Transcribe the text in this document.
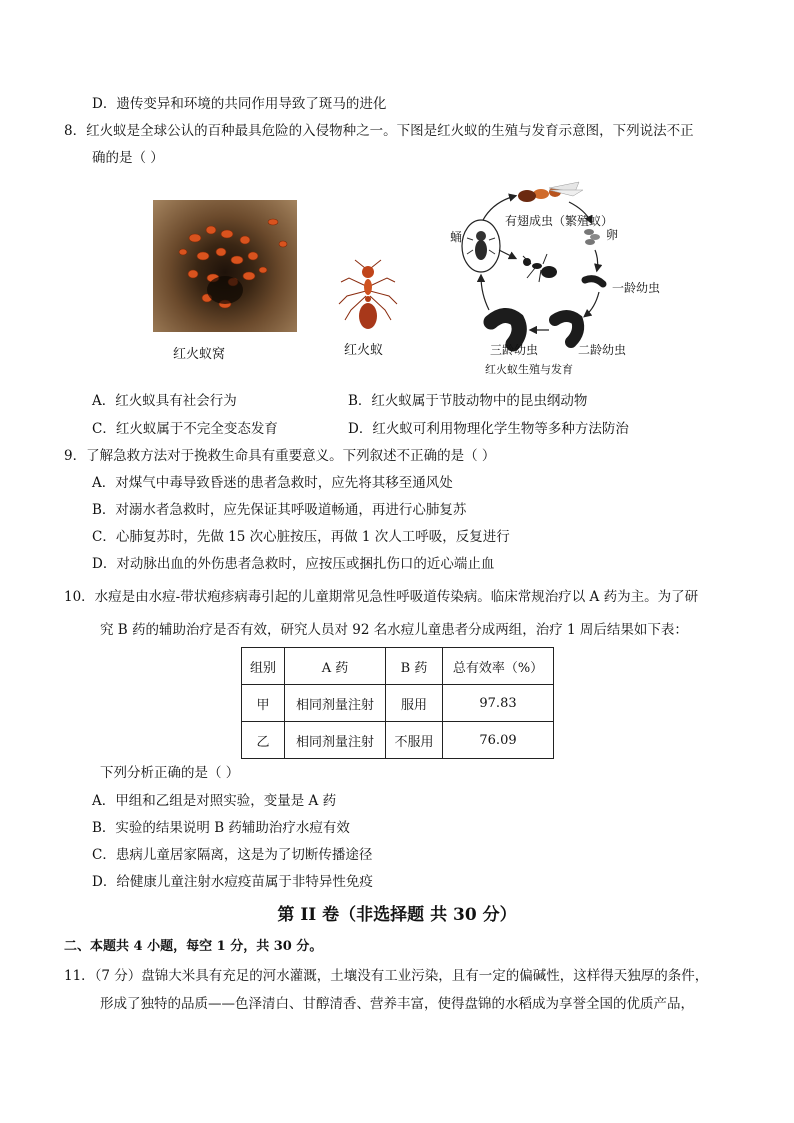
D．遗传变异和环境的共同作用导致了斑马的进化
8．红火蚁是全球公认的百种最具危险的入侵物种之一。下图是红火蚁的生殖与发育示意图，下列说法不正
确的是（ ）
红火蚁窝	红火蚁
有翅成虫（繁殖蚁）
卵
蛹
一龄幼虫
二龄幼虫
三龄幼虫
红火蚁生殖与发育
A．红火蚁具有社会行为	B．红火蚁属于节肢动物中的昆虫纲动物
C．红火蚁属于不完全变态发育	D．红火蚁可利用物理化学生物等多种方法防治
9．了解急救方法对于挽救生命具有重要意义。下列叙述不正确的是（ ）
A．对煤气中毒导致昏迷的患者急救时，应先将其移至通风处
B．对溺水者急救时，应先保证其呼吸道畅通，再进行心肺复苏
C．心肺复苏时，先做 15 次心脏按压，再做 1 次人工呼吸，反复进行
D．对动脉出血的外伤患者急救时，应按压或捆扎伤口的近心端止血
10．水痘是由水痘-带状疱疹病毒引起的儿童期常见急性呼吸道传染病。临床常规治疗以 A 药为主。为了研
究 B 药的辅助治疗是否有效，研究人员对 92 名水痘儿童患者分成两组，治疗 1 周后结果如下表：
组别	A 药	B 药	总有效率（%）
甲	相同剂量注射	服用	97.83
乙	相同剂量注射	不服用	76.09
下列分析正确的是（ ）
A．甲组和乙组是对照实验，变量是 A 药
B．实验的结果说明 B 药辅助治疗水痘有效
C．患病儿童居家隔离，这是为了切断传播途径
D．给健康儿童注射水痘疫苗属于非特异性免疫
第 II 卷（非选择题 共 30 分）
二、本题共 4 小题，每空 1 分，共 30 分。
11．（7 分）盘锦大米具有充足的河水灌溉，土壤没有工业污染，且有一定的偏碱性，这样得天独厚的条件，
形成了独特的品质——色泽清白、甘醇清香、营养丰富，使得盘锦的水稻成为享誉全国的优质产品，
